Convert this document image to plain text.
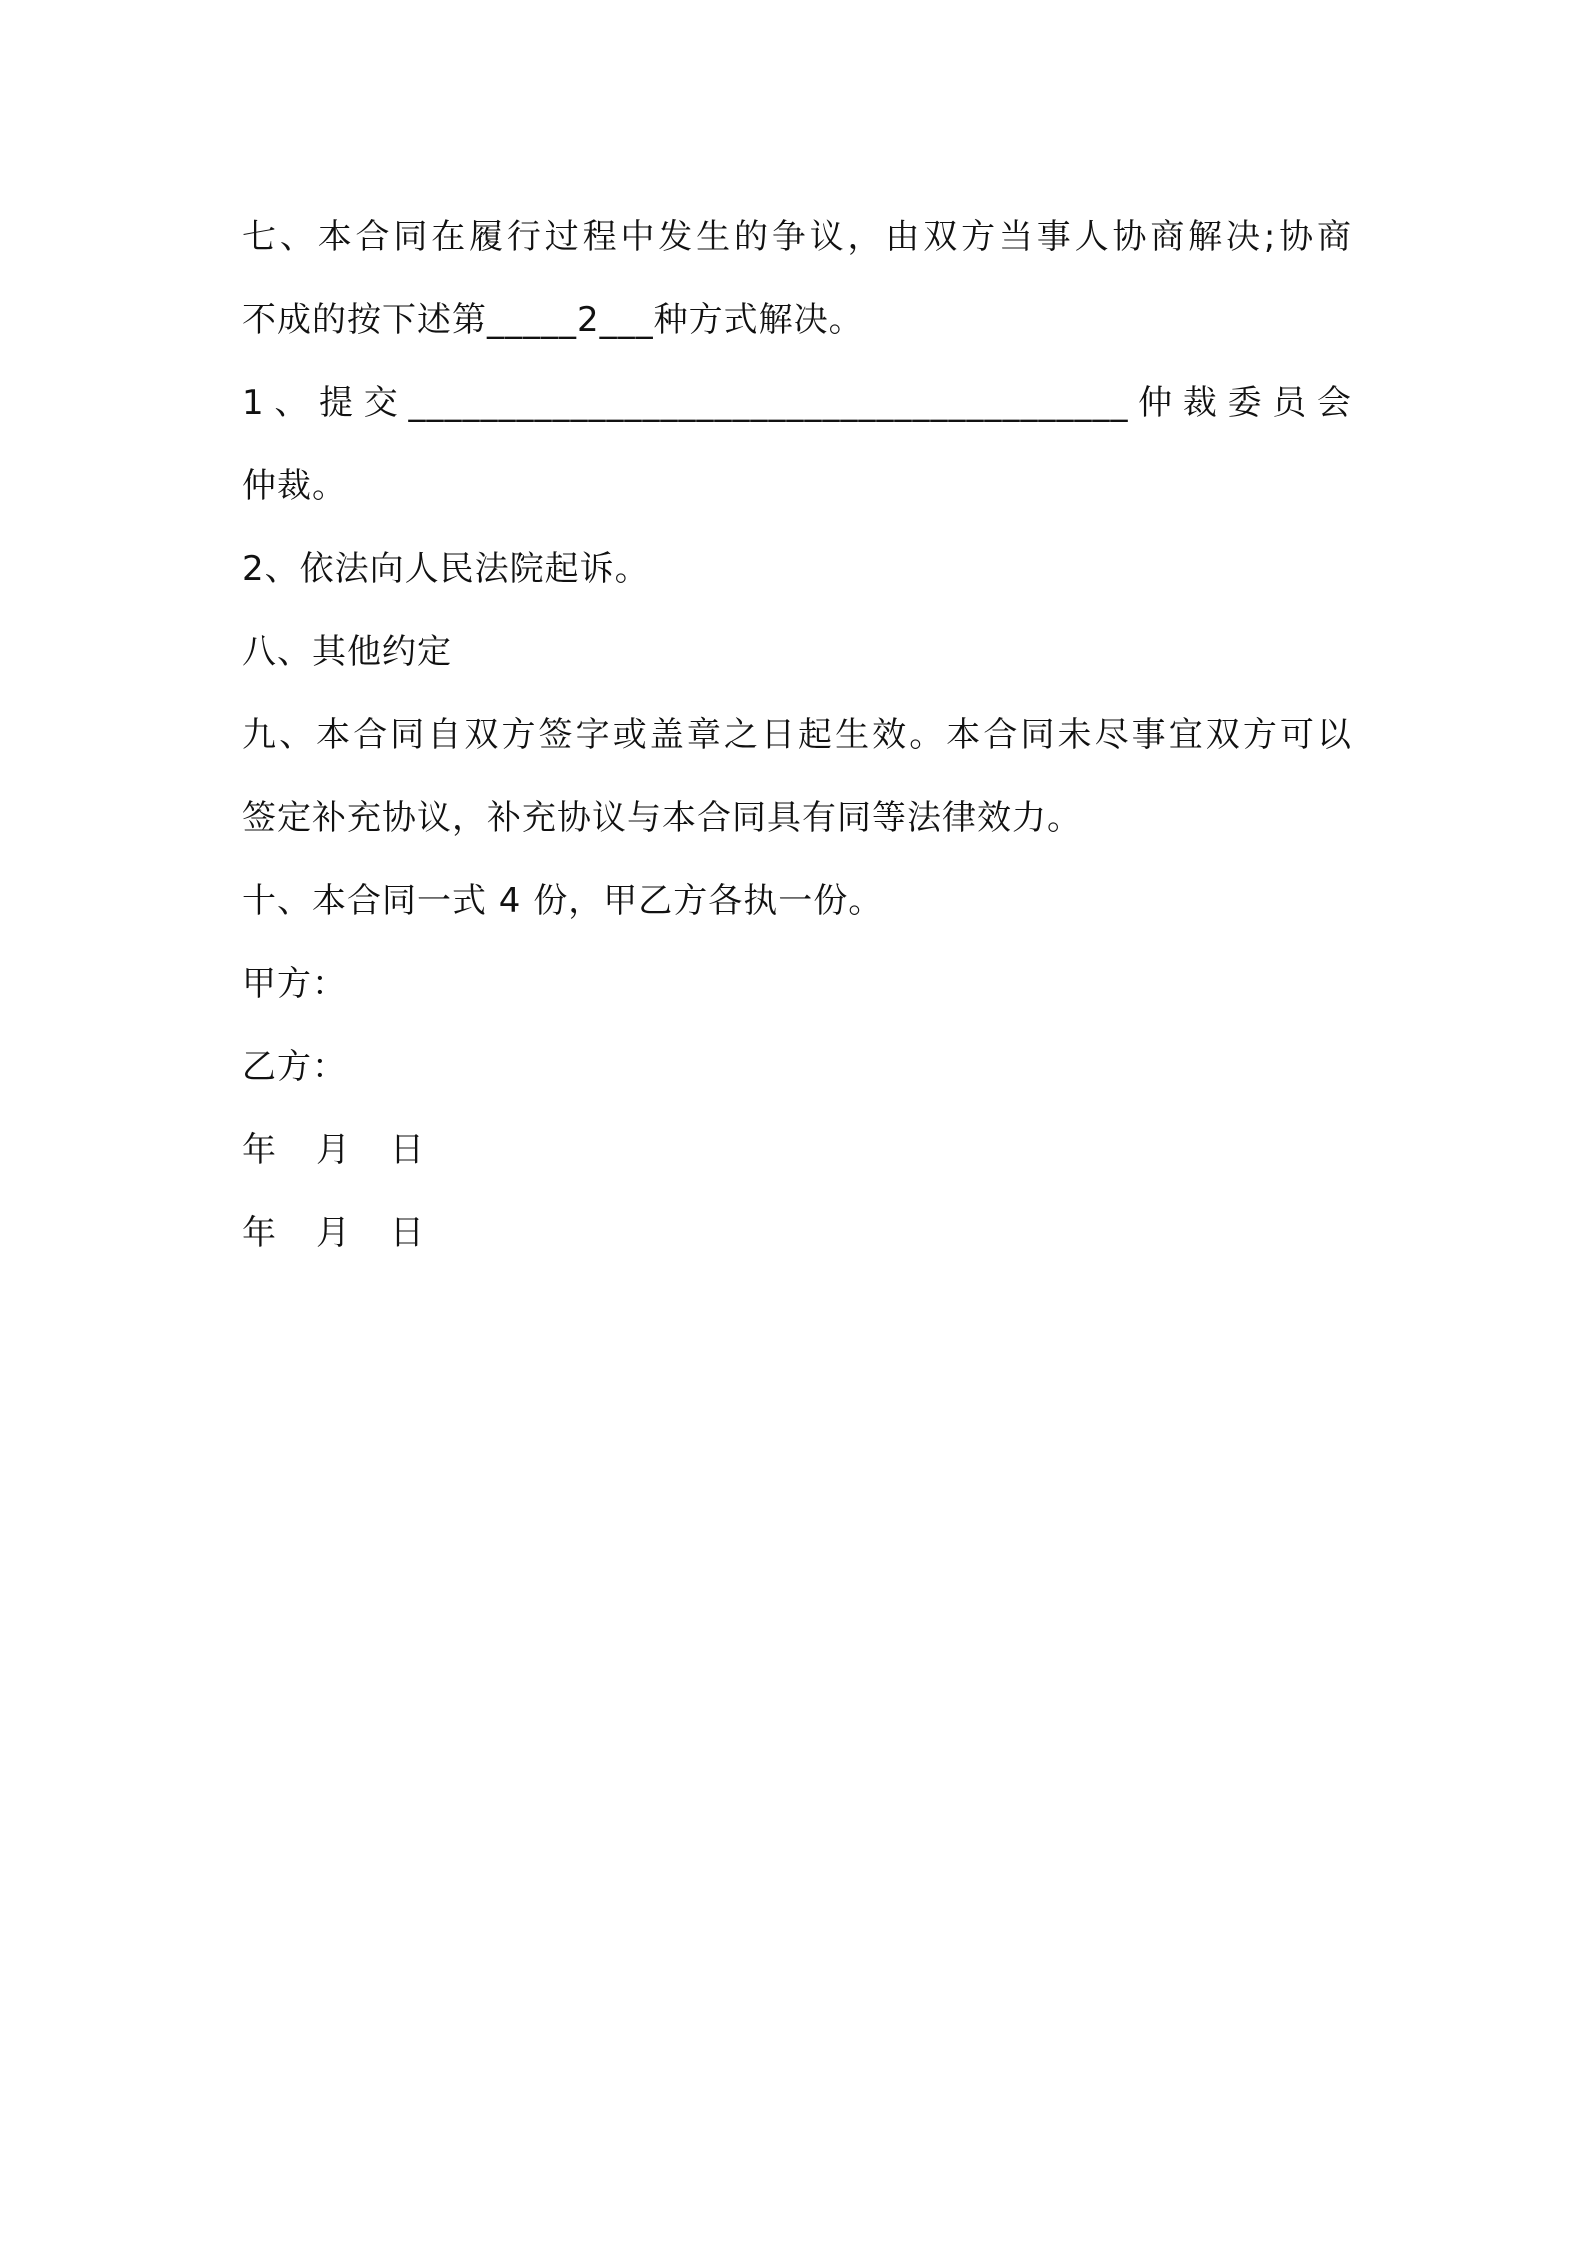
七、本合同在履行过程中发生的争议，由双方当事人协商解决;协商
不成的按下述第_____2___种方式解决。
1、提交________________________________________仲裁委员会
仲裁。
2、依法向人民法院起诉。
八、其他约定
九、本合同自双方签字或盖章之日起生效。本合同未尽事宜双方可以
签定补充协议，补充协议与本合同具有同等法律效力。
十、本合同一式 4 份，甲乙方各执一份。
甲方：
乙方：
年 月 日
年 月 日
